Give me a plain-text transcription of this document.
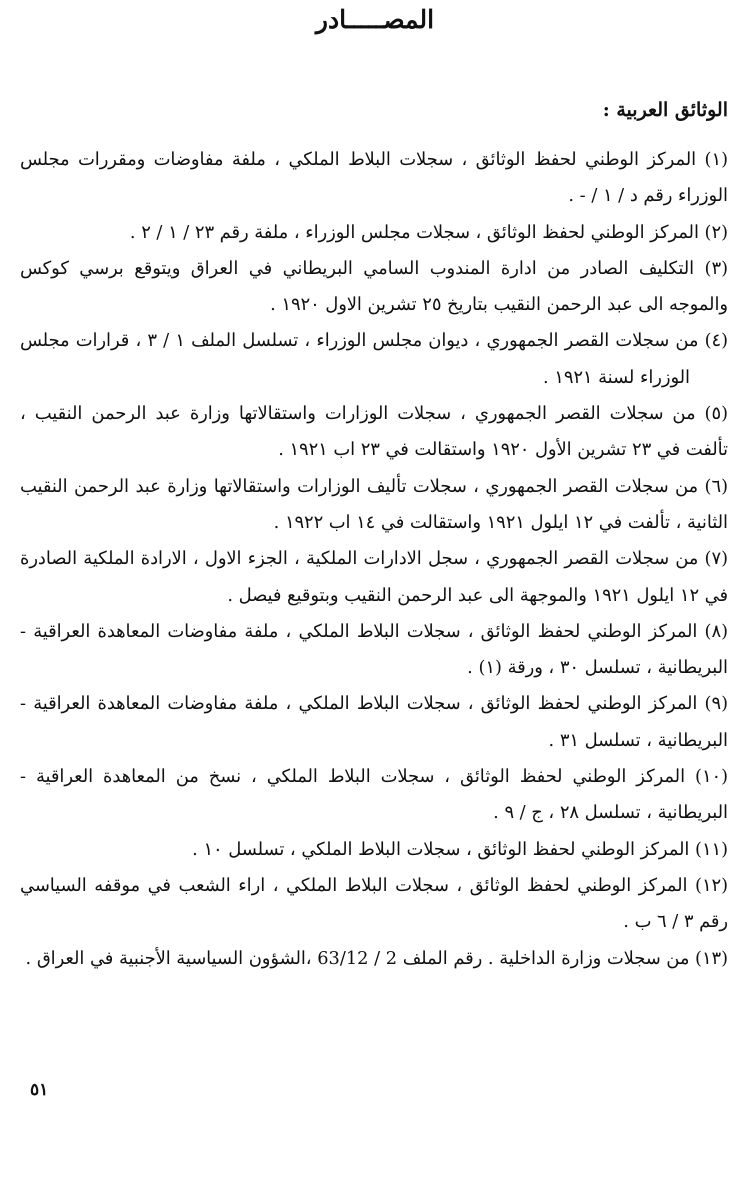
المصـــــادر
الوثائق العربية :

(١) المركز الوطني لحفظ الوثائق ، سجلات البلاط الملكي ، ملفة مفاوضات ومقررات مجلس الوزراء رقم د / ١ / - .

(٢) المركز الوطني لحفظ الوثائق ، سجلات مجلس الوزراء ، ملفة رقم ٢٣ / ١ / ٢ .

(٣) التكليف الصادر من ادارة المندوب السامي البريطاني في العراق ويتوقع برسي كوكس والموجه الى عبد الرحمن النقيب بتاريخ ٢٥ تشرين الاول ١٩٢٠ .

(٤) من سجلات القصر الجمهوري ، ديوان مجلس الوزراء ، تسلسل الملف ١ / ٣ ، قرارات مجلس الوزراء لسنة ١٩٢١ .

(٥) من سجلات القصر الجمهوري ، سجلات الوزارات واستقالاتها وزارة عبد الرحمن النقيب ، تألفت في ٢٣ تشرين الأول ١٩٢٠ واستقالت في ٢٣ اب ١٩٢١ .

(٦) من سجلات القصر الجمهوري ، سجلات تأليف الوزارات واستقالاتها وزارة عبد الرحمن النقيب الثانية ، تألفت في ١٢ ايلول ١٩٢١ واستقالت في ١٤ اب ١٩٢٢ .

(٧) من سجلات القصر الجمهوري ، سجل الادارات الملكية ، الجزء الاول ، الارادة الملكية الصادرة في ١٢ ايلول ١٩٢١ والموجهة الى عبد الرحمن النقيب وبتوقيع فيصل .

(٨) المركز الوطني لحفظ الوثائق ، سجلات البلاط الملكي ، ملفة مفاوضات المعاهدة العراقية - البريطانية ، تسلسل ٣٠ ، ورقة (١) .

(٩) المركز الوطني لحفظ الوثائق ، سجلات البلاط الملكي ، ملفة مفاوضات المعاهدة العراقية - البريطانية ، تسلسل ٣١ .

(١٠) المركز الوطني لحفظ الوثائق ، سجلات البلاط الملكي ، نسخ من المعاهدة العراقية - البريطانية ، تسلسل ٢٨ ، ج / ٩ .

(١١) المركز الوطني لحفظ الوثائق ، سجلات البلاط الملكي ، تسلسل ١٠ .

(١٢) المركز الوطني لحفظ الوثائق ، سجلات البلاط الملكي ، اراء الشعب في موقفه السياسي رقم ٣ / ٦ ب .

(١٣) من سجلات وزارة الداخلية . رقم الملف 2 / 63/12 ،الشؤون السياسية الأجنبية في العراق .

٥١
